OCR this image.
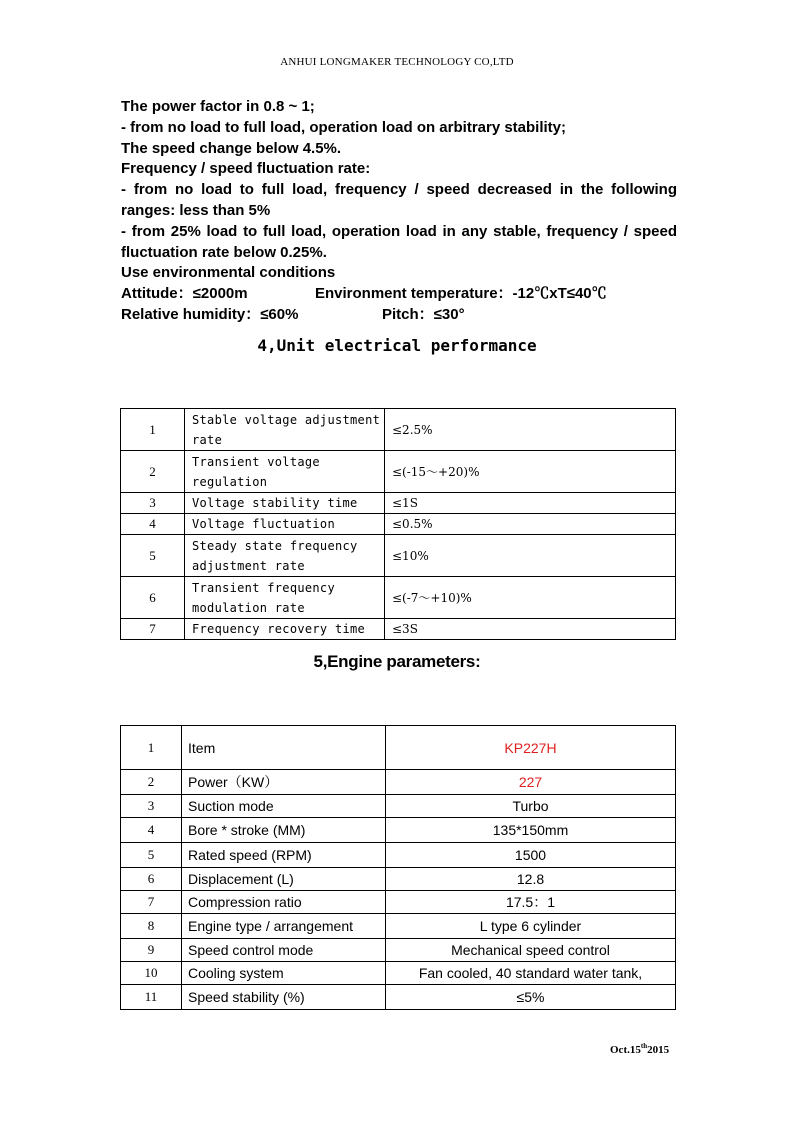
ANHUI LONGMAKER TECHNOLOGY CO,LTD

The power factor in 0.8 ~ 1;

- from no load to full load, operation load on arbitrary stability;

The speed change below 4.5%.

Frequency / speed fluctuation rate:

- from no load to full load, frequency / speed decreased in the following ranges: less than 5%

- from 25% load to full load, operation load in any stable, frequency / speed fluctuation rate below 0.25%.

Use environmental conditions

Attitude：≤2000m	Environment temperature：-12℃xT≤40℃
Relative humidity：≤60%	Pitch：≤30°
4,Unit electrical performance
1	Stable voltage adjustment rate	≤2.5%
2	Transient voltage regulation	≤(-15～+20)%
3	Voltage stability time	≤1S
4	Voltage fluctuation	≤0.5%
5	Steady state frequency adjustment rate	≤10%
6	Transient frequency modulation rate	≤(-7～+10)%
7	Frequency recovery time	≤3S
5,Engine parameters:
1	Item	KP227H
2	Power（KW）	227
3	Suction mode	Turbo
4	Bore * stroke (MM)	135*150mm
5	Rated speed (RPM)	1500
6	Displacement (L)	12.8
7	Compression ratio	17.5：1
8	Engine type / arrangement	L type 6 cylinder
9	Speed control mode	Mechanical speed control
10	Cooling system	Fan cooled, 40 standard water tank,
11	Speed stability (%)	≤5%
Oct.15th2015
